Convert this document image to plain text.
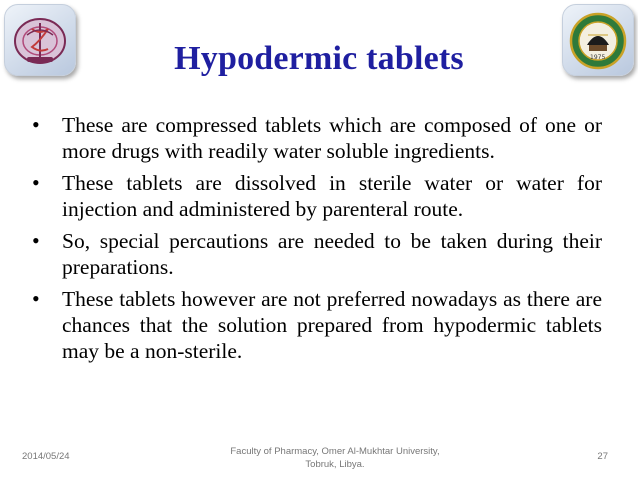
1975
Hypodermic tablets
• These are compressed tablets which are composed of one or more drugs with readily water soluble ingredients.
• These tablets are dissolved in sterile water or water for injection and administered by parenteral route.
• So, special percautions are needed to be taken during their preparations.
• These tablets however are not preferred nowadays as there are chances that the solution prepared from hypodermic tablets may be a non-sterile.
2014/05/24	Faculty of Pharmacy, Omer Al-Mukhtar University,
Tobruk, Libya.
27
